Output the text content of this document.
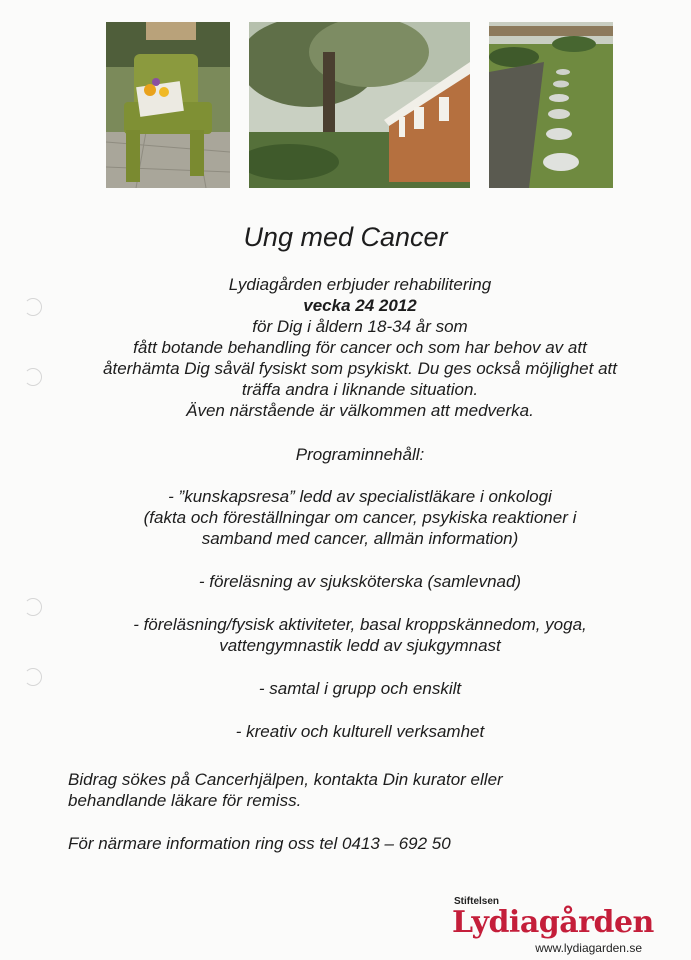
Ung med Cancer
Lydiagården erbjuder rehabilitering
vecka 24 2012
för Dig i åldern 18-34 år som
fått botande behandling för cancer och som har behov av att
återhämta Dig såväl fysiskt som psykiskt. Du ges också möjlighet att
träffa andra i liknande situation.
Även närstående är välkommen att medverka.
Programinnehåll:
- ”kunskapsresa” ledd av specialistläkare i onkologi
(fakta och föreställningar om cancer, psykiska reaktioner i
samband med cancer, allmän information)
- föreläsning av sjuksköterska (samlevnad)
- föreläsning/fysisk aktiviteter, basal kroppskännedom, yoga,
vattengymnastik ledd av sjukgymnast
- samtal i grupp och enskilt
- kreativ och kulturell verksamhet
Bidrag sökes på Cancerhjälpen, kontakta Din kurator eller
behandlande läkare för remiss.
För närmare information ring oss tel 0413 – 692 50
Stiftelsen
Lydiagården
www.lydiagarden.se
